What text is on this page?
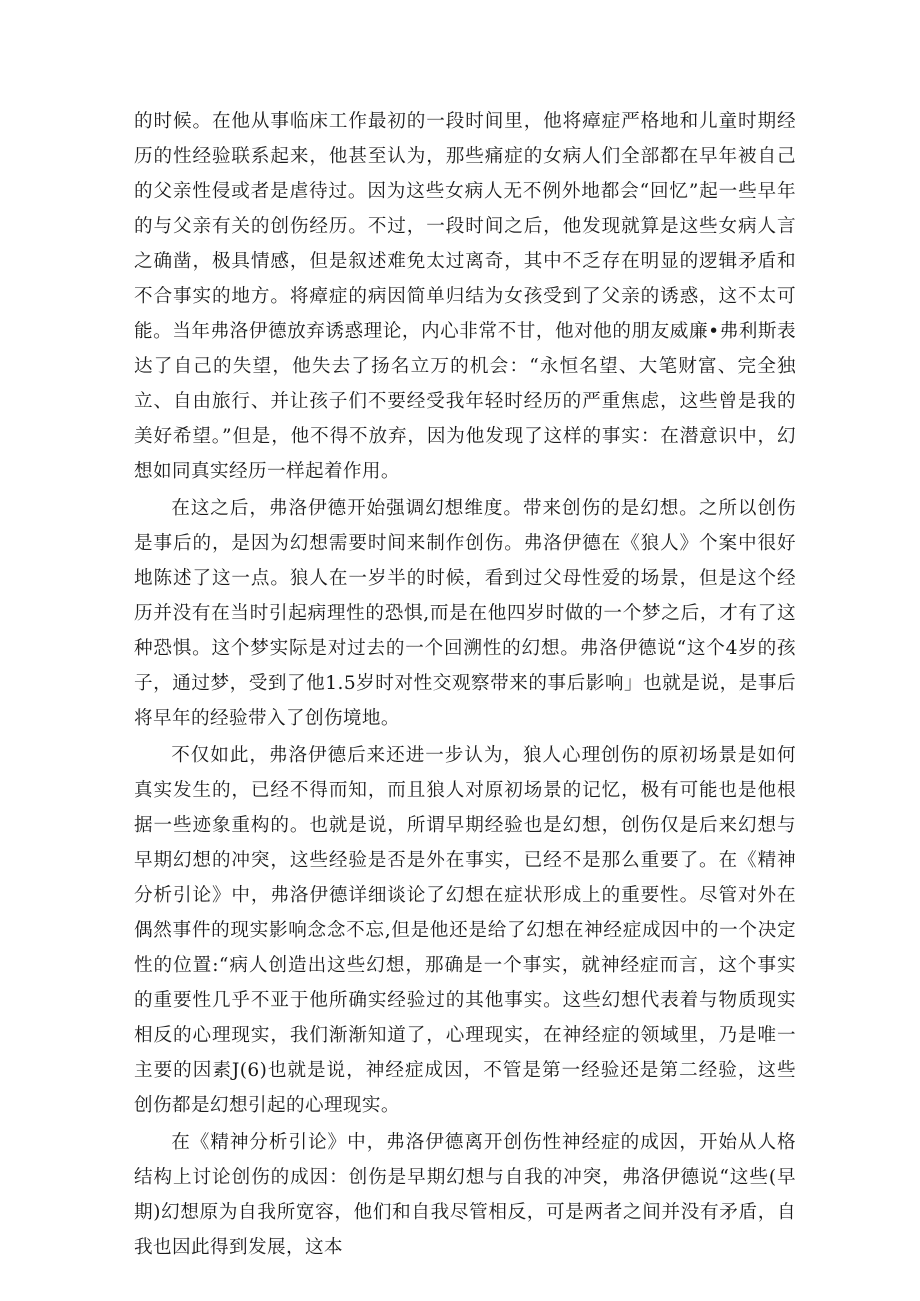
的时候。在他从事临床工作最初的一段时间里，他将瘴症严格地和儿童时期经历的性经验联系起来，他甚至认为，那些痛症的女病人们全部都在早年被自己的父亲性侵或者是虐待过。因为这些女病人无不例外地都会“回忆”起一些早年的与父亲有关的创伤经历。不过，一段时间之后，他发现就算是这些女病人言之确凿，极具情感，但是叙述难免太过离奇，其中不乏存在明显的逻辑矛盾和不合事实的地方。将瘴症的病因简单归结为女孩受到了父亲的诱惑，这不太可能。当年弗洛伊德放弃诱惑理论，内心非常不甘，他对他的朋友威廉•弗利斯表达了自己的失望，他失去了扬名立万的机会：“永恒名望、大笔财富、完全独立、自由旅行、并让孩子们不要经受我年轻时经历的严重焦虑，这些曾是我的美好希望。”但是，他不得不放弃，因为他发现了这样的事实：在潜意识中，幻想如同真实经历一样起着作用。

在这之后，弗洛伊德开始强调幻想维度。带来创伤的是幻想。之所以创伤是事后的，是因为幻想需要时间来制作创伤。弗洛伊德在《狼人》个案中很好地陈述了这一点。狼人在一岁半的时候，看到过父母性爱的场景，但是这个经历并没有在当时引起病理性的恐惧,而是在他四岁时做的一个梦之后，才有了这种恐惧。这个梦实际是对过去的一个回溯性的幻想。弗洛伊德说“这个4岁的孩子，通过梦，受到了他1.5岁时对性交观察带来的事后影响」也就是说，是事后将早年的经验带入了创伤境地。

不仅如此，弗洛伊德后来还进一步认为，狼人心理创伤的原初场景是如何真实发生的，已经不得而知，而且狼人对原初场景的记忆，极有可能也是他根据一些迹象重构的。也就是说，所谓早期经验也是幻想，创伤仅是后来幻想与早期幻想的冲突，这些经验是否是外在事实，已经不是那么重要了。在《精神分析引论》中，弗洛伊德详细谈论了幻想在症状形成上的重要性。尽管对外在偶然事件的现实影响念念不忘,但是他还是给了幻想在神经症成因中的一个决定性的位置:“病人创造出这些幻想，那确是一个事实，就神经症而言，这个事实的重要性几乎不亚于他所确实经验过的其他事实。这些幻想代表着与物质现实相反的心理现实，我们渐渐知道了，心理现实，在神经症的领域里，乃是唯一主要的因素J(6)也就是说，神经症成因，不管是第一经验还是第二经验，这些创伤都是幻想引起的心理现实。

在《精神分析引论》中，弗洛伊德离开创伤性神经症的成因，开始从人格结构上讨论创伤的成因：创伤是早期幻想与自我的冲突，弗洛伊德说“这些(早期)幻想原为自我所宽容，他们和自我尽管相反，可是两者之间并没有矛盾，自我也因此得到发展，这本
